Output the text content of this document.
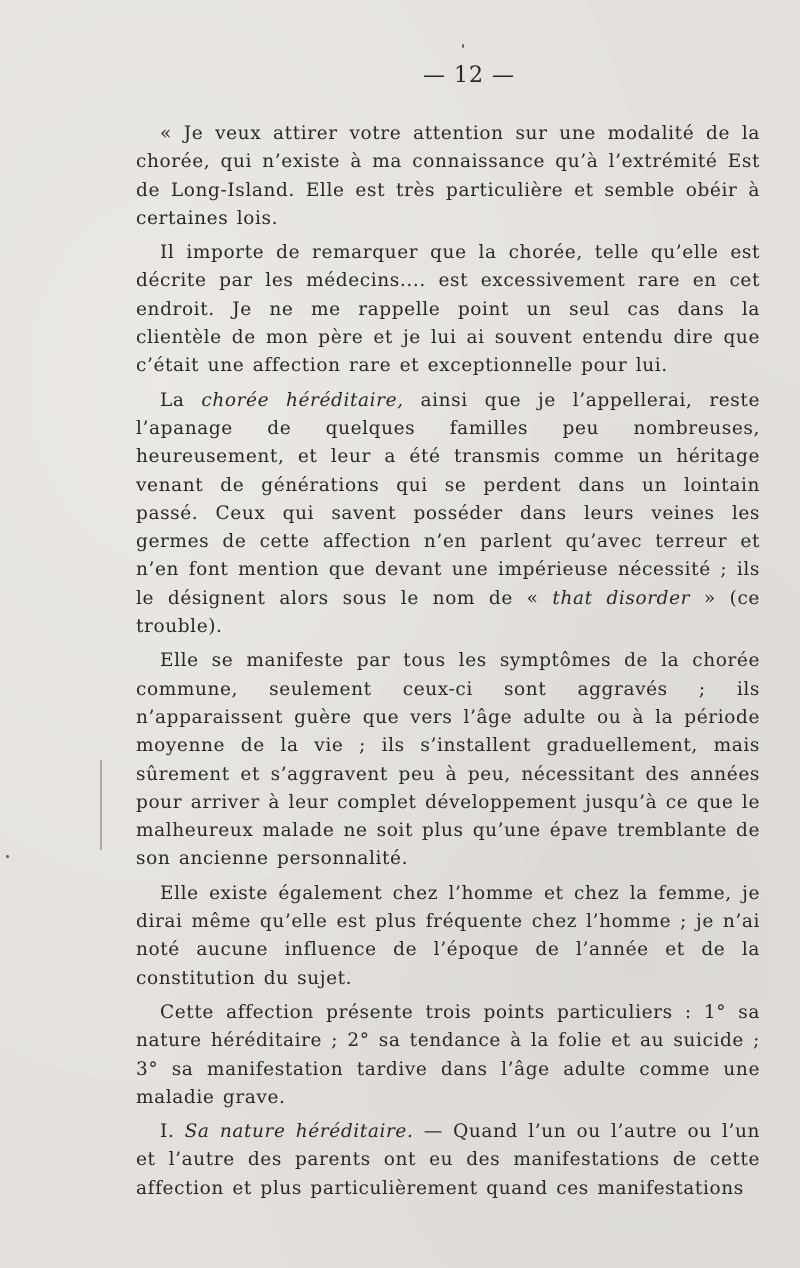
— 12 —

« Je veux attirer votre attention sur une modalité de la chorée, qui n’existe à ma connaissance qu’à l’extrémité Est de Long-Island. Elle est très particulière et semble obéir à certaines lois.

Il importe de remarquer que la chorée, telle qu’elle est décrite par les médecins.... est excessivement rare en cet endroit. Je ne me rappelle point un seul cas dans la clientèle de mon père et je lui ai souvent entendu dire que c’était une affection rare et exceptionnelle pour lui.

La chorée héréditaire, ainsi que je l’appellerai, reste l’apanage de quelques familles peu nombreuses, heureusement, et leur a été transmis comme un héritage venant de générations qui se perdent dans un lointain passé. Ceux qui savent posséder dans leurs veines les germes de cette affection n’en parlent qu’avec terreur et n’en font mention que devant une impérieuse nécessité ; ils le désignent alors sous le nom de « that disorder » (ce trouble).

Elle se manifeste par tous les symptômes de la chorée commune, seulement ceux-ci sont aggravés ; ils n’apparaissent guère que vers l’âge adulte ou à la période moyenne de la vie ; ils s’installent graduellement, mais sûrement et s’aggravent peu à peu, nécessitant des années pour arriver à leur complet développement jusqu’à ce que le malheureux malade ne soit plus qu’une épave tremblante de son ancienne personnalité.

Elle existe également chez l’homme et chez la femme, je dirai même qu’elle est plus fréquente chez l’homme ; je n’ai noté aucune influence de l’époque de l’année et de la constitution du sujet.

Cette affection présente trois points particuliers : 1° sa nature héréditaire ; 2° sa tendance à la folie et au suicide ; 3° sa manifestation tardive dans l’âge adulte comme une maladie grave.

I. Sa nature héréditaire. — Quand l’un ou l’autre ou l’un et l’autre des parents ont eu des manifestations de cette affection et plus particulièrement quand ces manifestations
